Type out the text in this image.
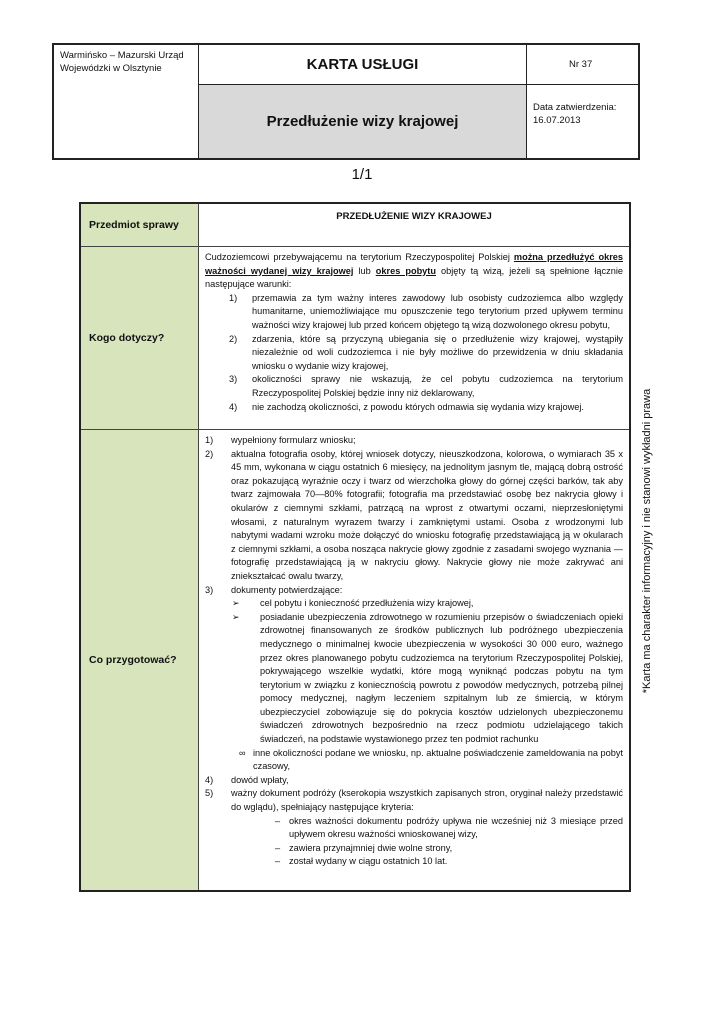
Warmińsko – Mazurski Urząd
Wojewódzki w Olsztynie	KARTA USŁUGI	Nr 37
Przedłużenie wizy krajowej
Data zatwierdzenia:
16.07.2013
1/1
Przedmiot sprawy
PRZEDŁUŻENIE WIZY KRAJOWEJ
Kogo dotyczy?
Cudzoziemcowi przebywającemu na terytorium Rzeczypospolitej Polskiej można przedłużyć okres ważności wydanej wizy krajowej lub okres pobytu objęty tą wizą, jeżeli są spełnione łącznie następujące warunki:
1) przemawia za tym ważny interes zawodowy lub osobisty cudzoziemca albo względy humanitarne, uniemożliwiające mu opuszczenie tego terytorium przed upływem terminu ważności wizy krajowej lub przed końcem objętego tą wizą dozwolonego okresu pobytu,
2) zdarzenia, które są przyczyną ubiegania się o przedłużenie wizy krajowej, wystąpiły niezależnie od woli cudzoziemca i nie były możliwe do przewidzenia w dniu składania wniosku o wydanie wizy krajowej,
3) okoliczności sprawy nie wskazują, że cel pobytu cudzoziemca na terytorium Rzeczypospolitej Polskiej będzie inny niż deklarowany,
4) nie zachodzą okoliczności, z powodu których odmawia się wydania wizy krajowej.
Co przygotować?
1) wypełniony formularz wniosku;
2) aktualna fotografia osoby, której wniosek dotyczy, nieuszkodzona, kolorowa, o wymiarach 35 x 45 mm, wykonana w ciągu ostatnich 6 miesięcy, na jednolitym jasnym tle, mającą dobrą ostrość oraz pokazującą wyraźnie oczy i twarz od wierzchołka głowy do górnej części barków, tak aby twarz zajmowała 70—80% fotografii; fotografia ma przedstawiać osobę bez nakrycia głowy i okularów z ciemnymi szkłami, patrzącą na wprost z otwartymi oczami, nieprzesłoniętymi włosami, z naturalnym wyrazem twarzy i zamkniętymi ustami. Osoba z wrodzonymi lub nabytymi wadami wzroku może dołączyć do wniosku fotografię przedstawiającą ją w okularach z ciemnymi szkłami, a osoba nosząca nakrycie głowy zgodnie z zasadami swojego wyznania — fotografię przedstawiającą ją w nakryciu głowy. Nakrycie głowy nie może zakrywać ani zniekształcać owalu twarzy,
3) dokumenty potwierdzające:
➢ cel pobytu i konieczność przedłużenia wizy krajowej,
➢ posiadanie ubezpieczenia zdrowotnego w rozumieniu przepisów o świadczeniach opieki zdrowotnej finansowanych ze środków publicznych lub podróżnego ubezpieczenia medycznego o minimalnej kwocie ubezpieczenia w wysokości 30 000 euro, ważnego przez okres planowanego pobytu cudzoziemca na terytorium Rzeczypospolitej Polskiej, pokrywającego wszelkie wydatki, które mogą wyniknąć podczas pobytu na tym terytorium w związku z koniecznością powrotu z powodów medycznych, potrzebą pilnej pomocy medycznej, nagłym leczeniem szpitalnym lub ze śmiercią, w którym ubezpieczyciel zobowiązuje się do pokrycia kosztów udzielonych ubezpieczonemu świadczeń zdrowotnych bezpośrednio na rzecz podmiotu udzielającego takich świadczeń, na podstawie wystawionego przez ten podmiot rachunku
∞ inne okoliczności podane we wniosku, np. aktualne poświadczenie zameldowania na pobyt czasowy,
4) dowód wpłaty,
5) ważny dokument podróży (kserokopia wszystkich zapisanych stron, oryginał należy przedstawić do wglądu), spełniający następujące kryteria:
– okres ważności dokumentu podróży upływa nie wcześniej niż 3 miesiące przed upływem okresu ważności wnioskowanej wizy,
– zawiera przynajmniej dwie wolne strony,
– został wydany w ciągu ostatnich 10 lat.
*Karta ma charakter informacyjny i nie stanowi wykładni prawa
